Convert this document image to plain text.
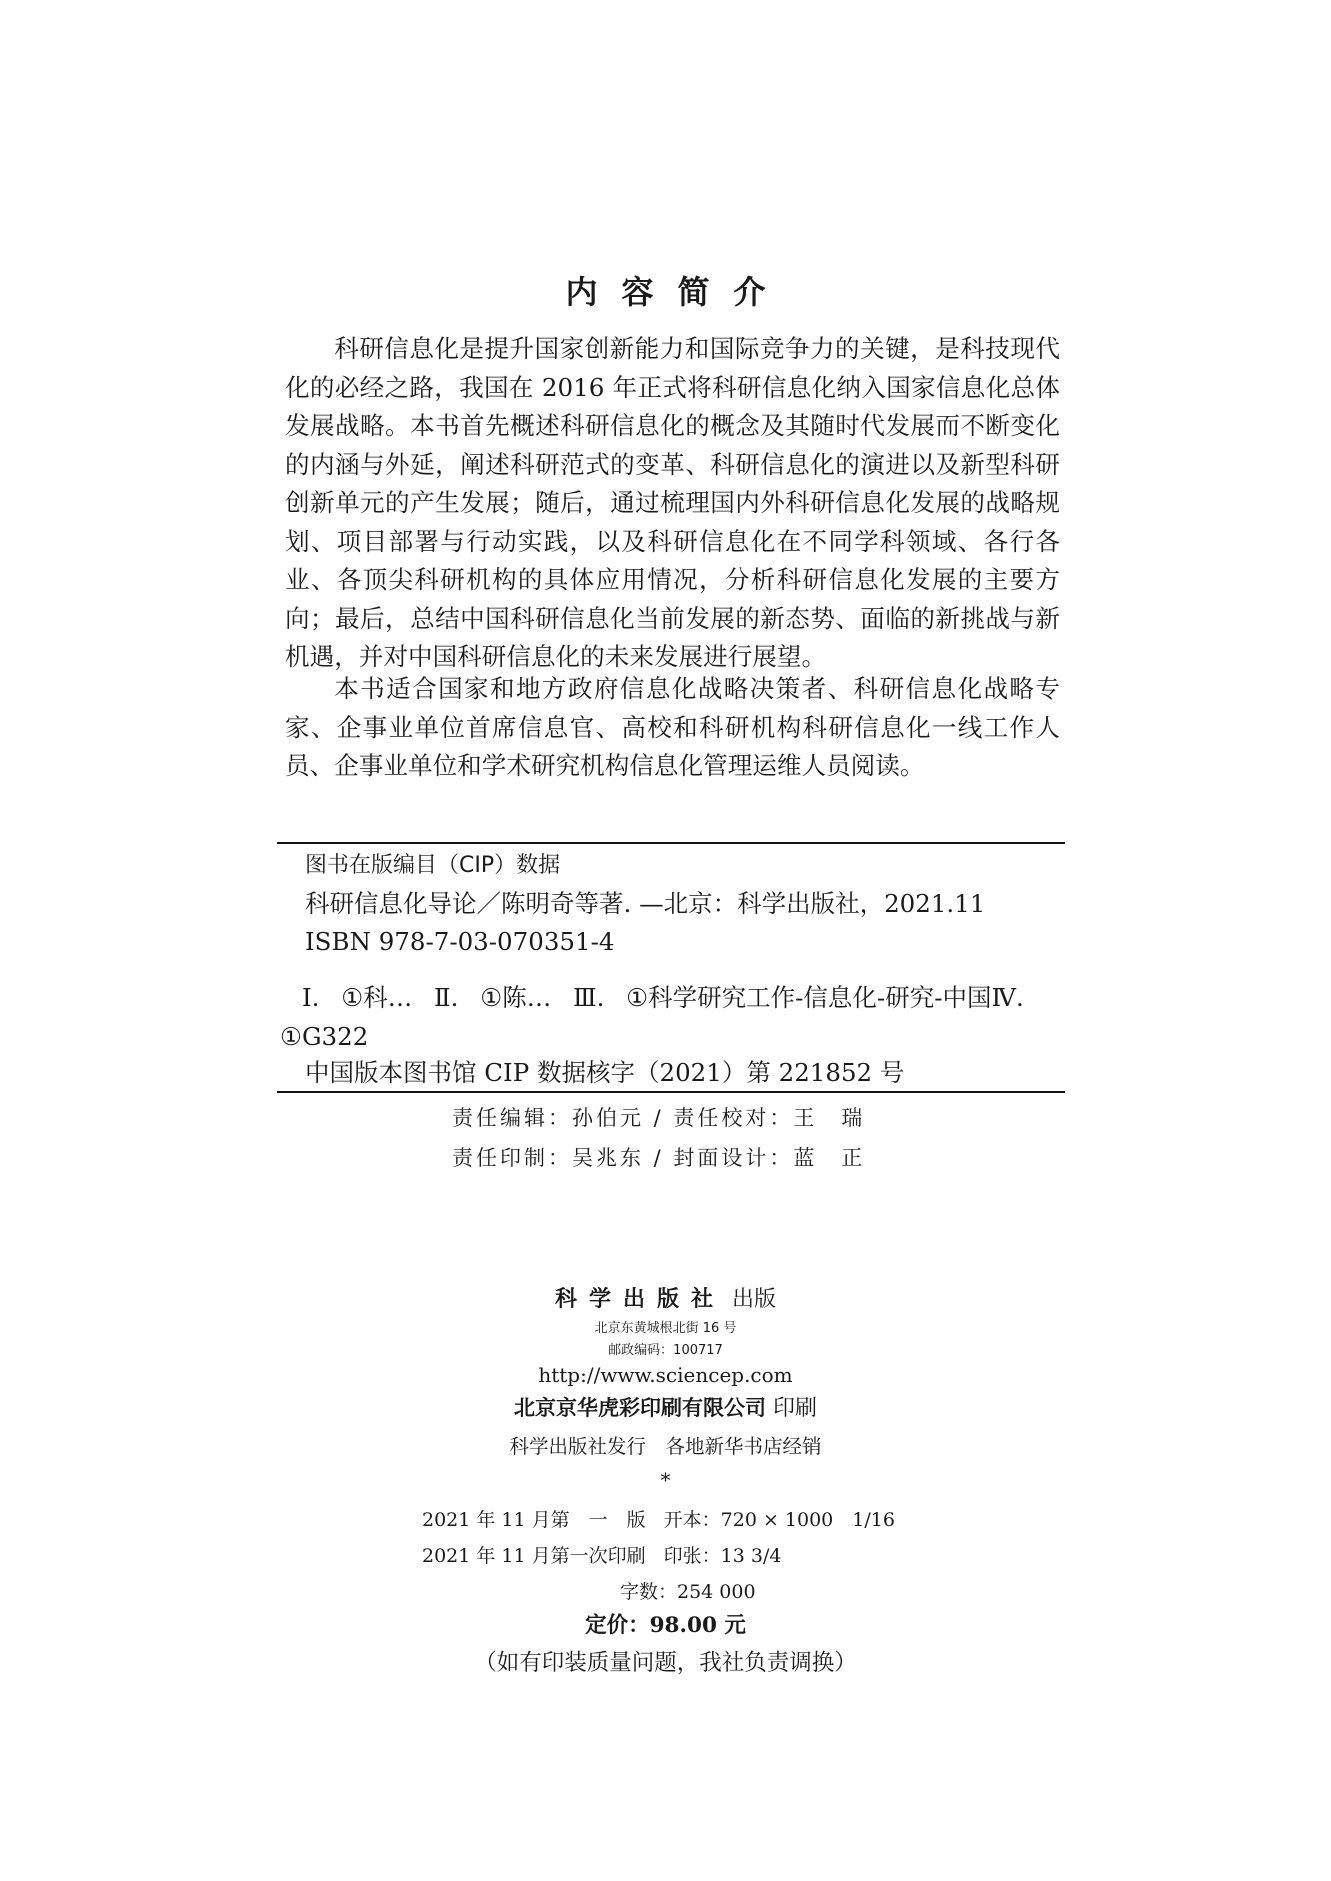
内容简介

科研信息化是提升国家创新能力和国际竞争力的关键，是科技现代化的必经之路，我国在 2016 年正式将科研信息化纳入国家信息化总体发展战略。本书首先概述科研信息化的概念及其随时代发展而不断变化的内涵与外延，阐述科研范式的变革、科研信息化的演进以及新型科研创新单元的产生发展；随后，通过梳理国内外科研信息化发展的战略规划、项目部署与行动实践，以及科研信息化在不同学科领域、各行各业、各顶尖科研机构的具体应用情况，分析科研信息化发展的主要方向；最后，总结中国科研信息化当前发展的新态势、面临的新挑战与新机遇，并对中国科研信息化的未来发展进行展望。

本书适合国家和地方政府信息化战略决策者、科研信息化战略专家、企事业单位首席信息官、高校和科研机构科研信息化一线工作人员、企事业单位和学术研究机构信息化管理运维人员阅读。

图书在版编目（CIP）数据
科研信息化导论／陈明奇等著. —北京：科学出版社，2021.11
ISBN 978-7-03-070351-4
Ⅰ. ①科… Ⅱ. ①陈… Ⅲ. ①科学研究工作-信息化-研究-中国Ⅳ. ①G322
中国版本图书馆 CIP 数据核字（2021）第 221852 号
责任编辑：孙伯元 / 责任校对：王　瑞
责任印制：吴兆东 / 封面设计：蓝　正
科学出版社 出版
北京东黄城根北街 16 号
邮政编码：100717
http://www.sciencep.com
北京京华虎彩印刷有限公司 印刷
科学出版社发行　各地新华书店经销
*
2021 年 11 月第　一　版 开本：720 × 1000　1/16
2021 年 11 月第一次印刷 印张：13 3/4
字数：254 000
定价：98.00 元
（如有印装质量问题，我社负责调换）
